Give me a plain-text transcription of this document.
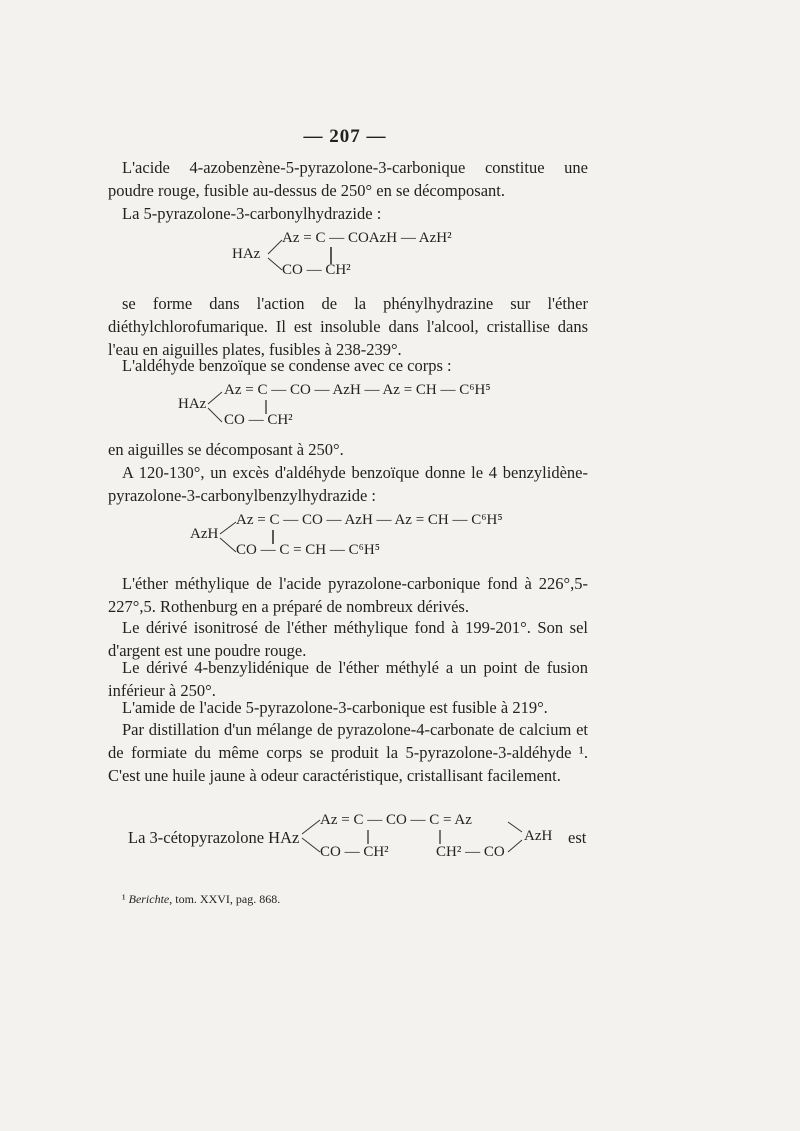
— 207 —

L'acide 4-azobenzène-5-pyrazolone-3-carbonique constitue une poudre rouge, fusible au-dessus de 250° en se décomposant.

La 5-pyrazolone-3-carbonylhydrazide :

HAz
Az = C — COAzH — AzH²
CO — CH²

se forme dans l'action de la phénylhydrazine sur l'éther diéthylchlorofumarique. Il est insoluble dans l'alcool, cristallise dans l'eau en aiguilles plates, fusibles à 238-239°.

L'aldéhyde benzoïque se condense avec ce corps :

HAz
Az = C — CO — AzH — Az = CH — C⁶H⁵
CO — CH²

en aiguilles se décomposant à 250°.

A 120-130°, un excès d'aldéhyde benzoïque donne le 4 benzylidène-pyrazolone-3-carbonylbenzylhydrazide :

AzH
Az = C — CO — AzH — Az = CH — C⁶H⁵
CO — C = CH — C⁶H⁵

L'éther méthylique de l'acide pyrazolone-carbonique fond à 226°,5-227°,5. Rothenburg en a préparé de nombreux dérivés.

Le dérivé isonitrosé de l'éther méthylique fond à 199-201°. Son sel d'argent est une poudre rouge.

Le dérivé 4-benzylidénique de l'éther méthylé a un point de fusion inférieur à 250°.

L'amide de l'acide 5-pyrazolone-3-carbonique est fusible à 219°.

Par distillation d'un mélange de pyrazolone-4-carbonate de calcium et de formiate du même corps se produit la 5-pyrazolone-3-aldéhyde ¹. C'est une huile jaune à odeur caractéristique, cristallisant facilement.

La 3-cétopyrazolone HAz
Az = C — CO — C = Az
CO — CH²	CH² — CO
AzH est
¹ Berichte, tom. XXVI, pag. 868.
